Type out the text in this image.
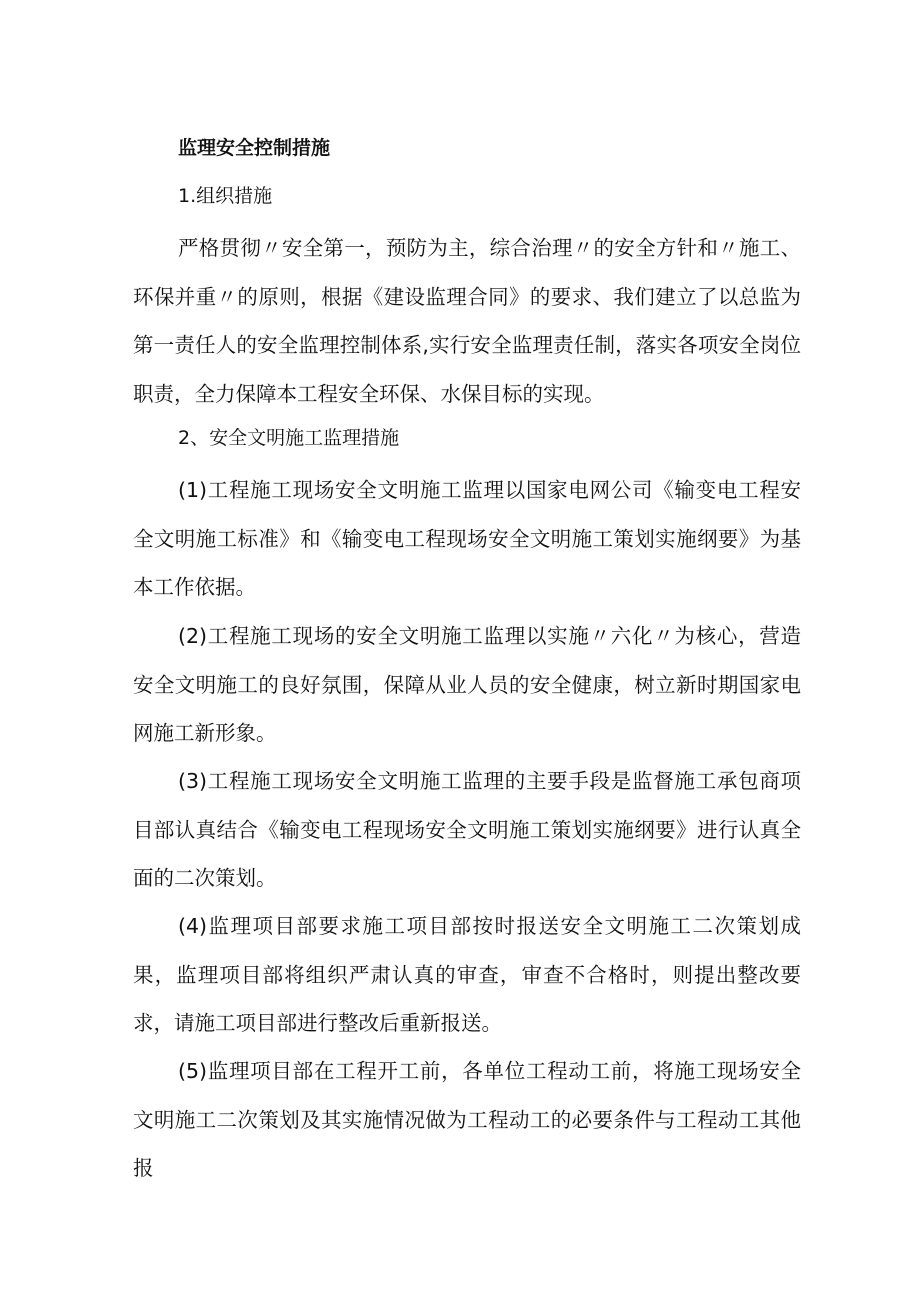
监理安全控制措施
1.组织措施

严格贯彻〃安全第一，预防为主，综合治理〃的安全方针和〃施工、环保并重〃的原则，根据《建设监理合同》的要求、我们建立了以总监为第一责任人的安全监理控制体系,实行安全监理责任制，落实各项安全岗位职责，全力保障本工程安全环保、水保目标的实现。

2、安全文明施工监理措施

(1)工程施工现场安全文明施工监理以国家电网公司《输变电工程安全文明施工标准》和《输变电工程现场安全文明施工策划实施纲要》为基本工作依据。

(2)工程施工现场的安全文明施工监理以实施〃六化〃为核心，营造安全文明施工的良好氛围，保障从业人员的安全健康，树立新时期国家电网施工新形象。

(3)工程施工现场安全文明施工监理的主要手段是监督施工承包商项目部认真结合《输变电工程现场安全文明施工策划实施纲要》进行认真全面的二次策划。

(4)监理项目部要求施工项目部按时报送安全文明施工二次策划成果，监理项目部将组织严肃认真的审查，审查不合格时，则提出整改要求，请施工项目部进行整改后重新报送。

(5)监理项目部在工程开工前，各单位工程动工前，将施工现场安全文明施工二次策划及其实施情况做为工程动工的必要条件与工程动工其他报
